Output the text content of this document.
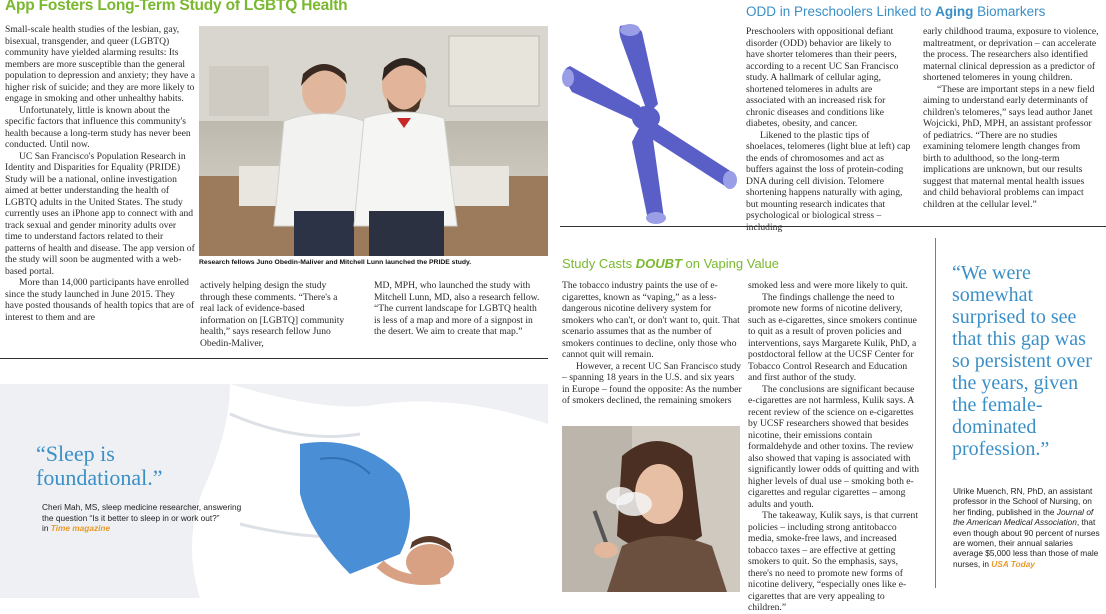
App Fosters Long-Term Study of LGBTQ Health

Small-scale health studies of the lesbian, gay, bisexual, transgender, and queer (LGBTQ) community have yielded alarming results: Its members are more susceptible than the general population to depression and anxiety; they have a higher risk of suicide; and they are more likely to engage in smoking and other unhealthy habits.

Unfortunately, little is known about the specific factors that influence this community's health because a long-term study has never been conducted. Until now.

UC San Francisco's Population Research in Identity and Disparities for Equality (PRIDE) Study will be a national, online investigation aimed at better understanding the health of LGBTQ adults in the United States. The study currently uses an iPhone app to connect with and track sexual and gender minority adults over time to understand factors related to their patterns of health and disease. The app version of the study will soon be augmented with a web-based portal.

More than 14,000 participants have enrolled since the study launched in June 2015. They have posted thousands of health topics that are of interest to them and are

Research fellows Juno Obedin-Maliver and Mitchell Lunn launched the PRIDE study.
actively helping design the study through these comments. “There's a real lack of evidence-based information on [LGBTQ] community health,” says research fellow Juno Obedin-Maliver,
MD, MPH, who launched the study with Mitchell Lunn, MD, also a research fellow. “The current landscape for LGBTQ health is less of a map and more of a signpost in the desert. We aim to create that map.”
“Sleep is foundational.”
Cheri Mah, MS, sleep medicine researcher, answering the question “Is it better to sleep in or work out?”
in Time magazine
ODD in Preschoolers Linked to Aging Biomarkers

Preschoolers with oppositional defiant disorder (ODD) behavior are likely to have shorter telomeres than their peers, according to a recent UC San Francisco study. A hallmark of cellular aging, shortened telomeres in adults are associated with an increased risk for chronic diseases and conditions like diabetes, obesity, and cancer.

Likened to the plastic tips of shoelaces, telomeres (light blue at left) cap the ends of chromosomes and act as buffers against the loss of protein-coding DNA during cell division. Telomere shortening happens naturally with aging, but mounting research indicates that psychological or biological stress – including

early childhood trauma, exposure to violence, maltreatment, or deprivation – can accelerate the process. The researchers also identified maternal clinical depression as a predictor of shortened telomeres in young children.

“These are important steps in a new field aiming to understand early determinants of children's telomeres,” says lead author Janet Wojcicki, PhD, MPH, an assistant professor of pediatrics. “There are no studies examining telomere length changes from birth to adulthood, so the long-term implications are unknown, but our results suggest that maternal mental health issues and child behavioral problems can impact children at the cellular level.”

Study Casts DOUBT on Vaping Value

The tobacco industry paints the use of e-cigarettes, known as “vaping,” as a less-dangerous nicotine delivery system for smokers who can't, or don't want to, quit. That scenario assumes that as the number of smokers continues to decline, only those who cannot quit will remain.

However, a recent UC San Francisco study – spanning 18 years in the U.S. and six years in Europe – found the opposite: As the number of smokers declined, the remaining smokers

smoked less and were more likely to quit.

The findings challenge the need to promote new forms of nicotine delivery, such as e-cigarettes, since smokers continue to quit as a result of proven policies and interventions, says Margarete Kulik, PhD, a postdoctoral fellow at the UCSF Center for Tobacco Control Research and Education and first author of the study.

The conclusions are significant because e-cigarettes are not harmless, Kulik says. A recent review of the science on e-cigarettes by UCSF researchers showed that besides nicotine, their emissions contain formaldehyde and other toxins. The review also showed that vaping is associated with significantly lower odds of quitting and with higher levels of dual use – smoking both e-cigarettes and regular cigarettes – among adults and youth.

The takeaway, Kulik says, is that current policies – including strong antitobacco media, smoke-free laws, and increased tobacco taxes – are effective at getting smokers to quit. So the emphasis, says, there's no need to promote new forms of nicotine delivery, “especially ones like e-cigarettes that are very appealing to children.”

“We were somewhat surprised to see that this gap was so persistent over the years, given the female-dominated profession.”
Ulrike Muench, RN, PhD, an assistant professor in the School of Nursing, on her finding, published in the Journal of the American Medical Association, that even though about 90 percent of nurses are women, their annual salaries average $5,000 less than those of male nurses, in USA Today
